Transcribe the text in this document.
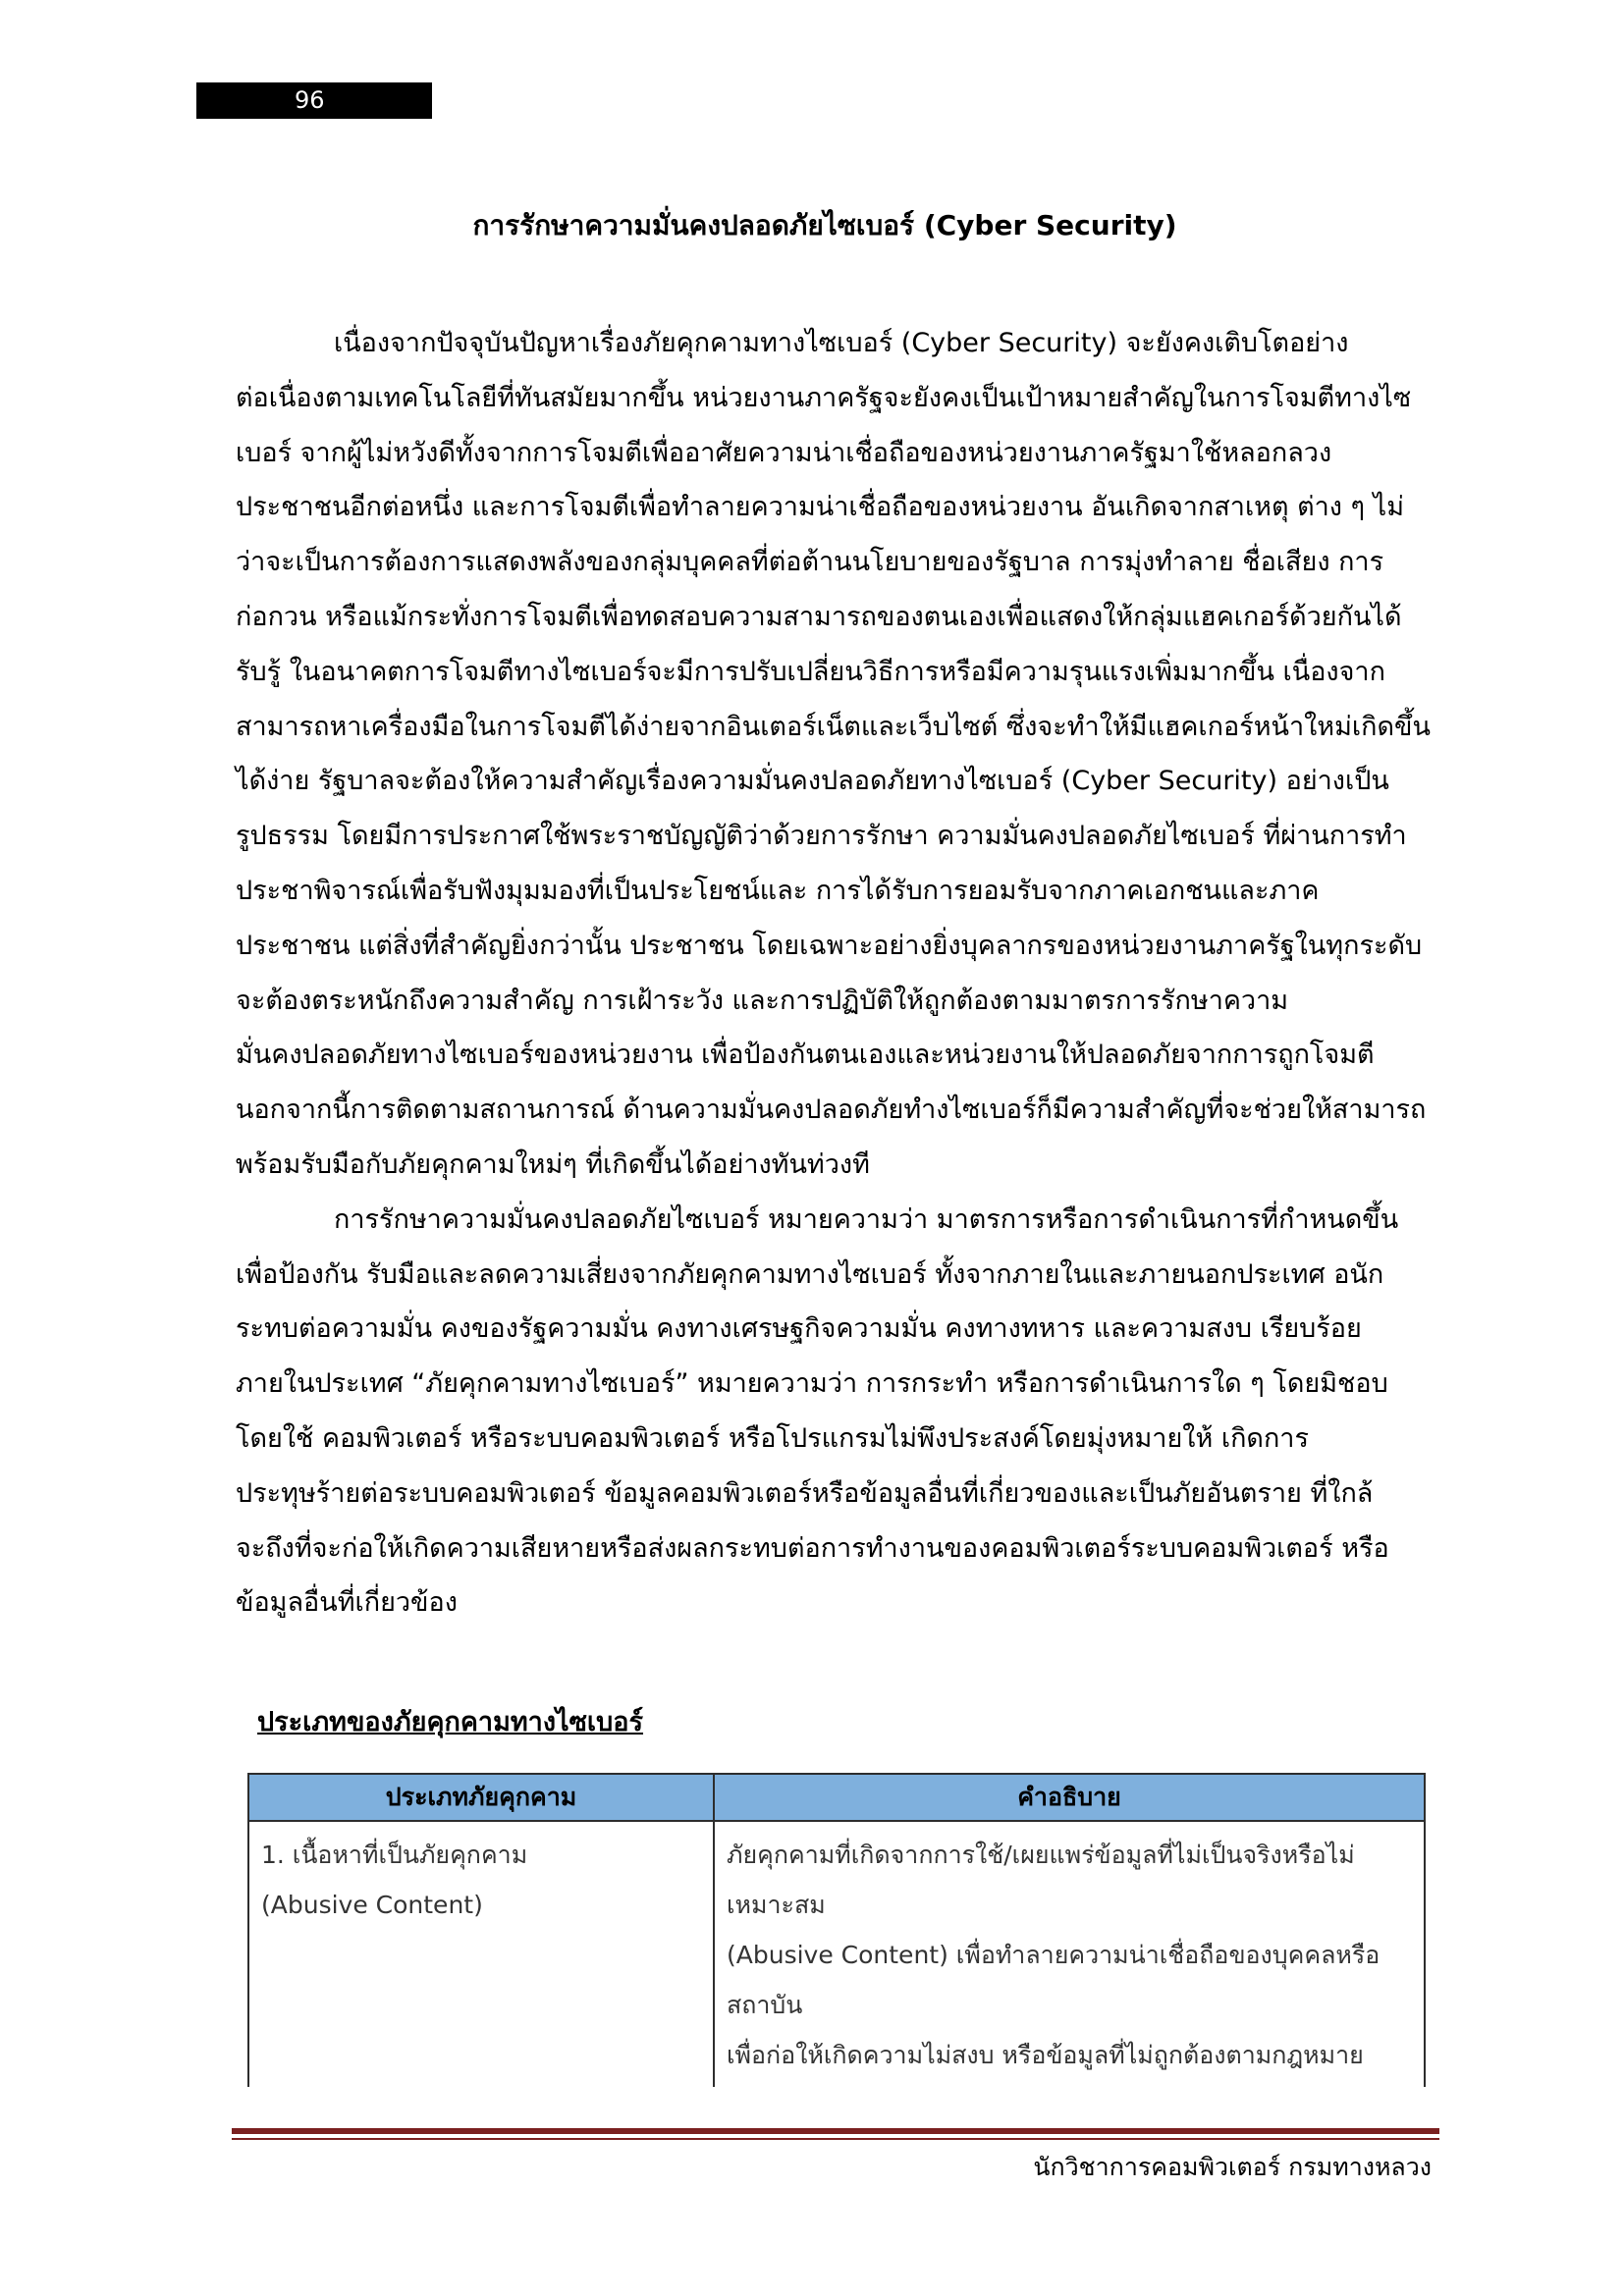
96
การรักษาความมั่นคงปลอดภัยไซเบอร์ (Cyber Security)

เนื่องจากปัจจุบันปัญหาเรื่องภัยคุกคามทางไซเบอร์ (Cyber Security) จะยังคงเติบโตอย่าง
ต่อเนื่องตามเทคโนโลยีที่ทันสมัยมากขึ้น หน่วยงานภาครัฐจะยังคงเป็นเป้าหมายสำคัญในการโจมตีทางไซ
เบอร์ จากผู้ไม่หวังดีทั้งจากการโจมตีเพื่ออาศัยความน่าเชื่อถือของหน่วยงานภาครัฐมาใช้หลอกลวง
ประชาชนอีกต่อหนึ่ง และการโจมตีเพื่อทำลายความน่าเชื่อถือของหน่วยงาน อันเกิดจากสาเหตุ ต่าง ๆ ไม่
ว่าจะเป็นการต้องการแสดงพลังของกลุ่มบุคคลที่ต่อต้านนโยบายของรัฐบาล การมุ่งทำลาย ชื่อเสียง การ
ก่อกวน หรือแม้กระทั่งการโจมตีเพื่อทดสอบความสามารถของตนเองเพื่อแสดงให้กลุ่มแฮคเกอร์ด้วยกันได้
รับรู้ ในอนาคตการโจมตีทางไซเบอร์จะมีการปรับเปลี่ยนวิธีการหรือมีความรุนแรงเพิ่มมากขึ้น เนื่องจาก
สามารถหาเครื่องมือในการโจมตีได้ง่ายจากอินเตอร์เน็ตและเว็บไซต์ ซึ่งจะทำให้มีแฮคเกอร์หน้าใหม่เกิดขึ้น
ได้ง่าย รัฐบาลจะต้องให้ความสำคัญเรื่องความมั่นคงปลอดภัยทางไซเบอร์ (Cyber Security) อย่างเป็น
รูปธรรม โดยมีการประกาศใช้พระราชบัญญัติว่าด้วยการรักษา ความมั่นคงปลอดภัยไซเบอร์ ที่ผ่านการทำ
ประชาพิจารณ์เพื่อรับฟังมุมมองที่เป็นประโยชน์และ การได้รับการยอมรับจากภาคเอกชนและภาค
ประชาชน แต่สิ่งที่สำคัญยิ่งกว่านั้น ประชาชน โดยเฉพาะอย่างยิ่งบุคลากรของหน่วยงานภาครัฐในทุกระดับ
จะต้องตระหนักถึงความสำคัญ การเฝ้าระวัง และการปฏิบัติให้ถูกต้องตามมาตรการรักษาความ
มั่นคงปลอดภัยทางไซเบอร์ของหน่วยงาน เพื่อป้องกันตนเองและหน่วยงานให้ปลอดภัยจากการถูกโจมตี
นอกจากนี้การติดตามสถานการณ์ ด้านความมั่นคงปลอดภัยทำงไซเบอร์ก็มีความสำคัญที่จะช่วยให้สามารถ
พร้อมรับมือกับภัยคุกคามใหม่ๆ ที่เกิดขึ้นได้อย่างทันท่วงที

การรักษาความมั่นคงปลอดภัยไซเบอร์ หมายความว่า มาตรการหรือการดำเนินการที่กำหนดขึ้น
เพื่อป้องกัน รับมือและลดความเสี่ยงจากภัยคุกคามทางไซเบอร์ ทั้งจากภายในและภายนอกประเทศ อนัก
ระทบต่อความมั่น คงของรัฐความมั่น คงทางเศรษฐกิจความมั่น คงทางทหาร และความสงบ เรียบร้อย
ภายในประเทศ “ภัยคุกคามทางไซเบอร์” หมายความว่า การกระทำ หรือการดำเนินการใด ๆ โดยมิชอบ
โดยใช้ คอมพิวเตอร์ หรือระบบคอมพิวเตอร์ หรือโปรแกรมไม่พึงประสงค์โดยมุ่งหมายให้ เกิดการ
ประทุษร้ายต่อระบบคอมพิวเตอร์ ข้อมูลคอมพิวเตอร์หรือข้อมูลอื่นที่เกี่ยวของและเป็นภัยอันตราย ที่ใกล้
จะถึงที่จะก่อให้เกิดความเสียหายหรือส่งผลกระทบต่อการทำงานของคอมพิวเตอร์ระบบคอมพิวเตอร์ หรือ
ข้อมูลอื่นที่เกี่ยวข้อง

ประเภทของภัยคุกคามทางไซเบอร์
ประเภทภัยคุกคาม	คำอธิบาย
1. เนื้อหาที่เป็นภัยคุกคาม
(Abusive Content)	ภัยคุกคามที่เกิดจากการใช้/เผยแพร่ข้อมูลที่ไม่เป็นจริงหรือไม่เหมาะสม
(Abusive Content) เพื่อทำลายความน่าเชื่อถือของบุคคลหรือสถาบัน
เพื่อก่อให้เกิดความไม่สงบ หรือข้อมูลที่ไม่ถูกต้องตามกฎหมาย

นักวิชาการคอมพิวเตอร์ กรมทางหลวง
